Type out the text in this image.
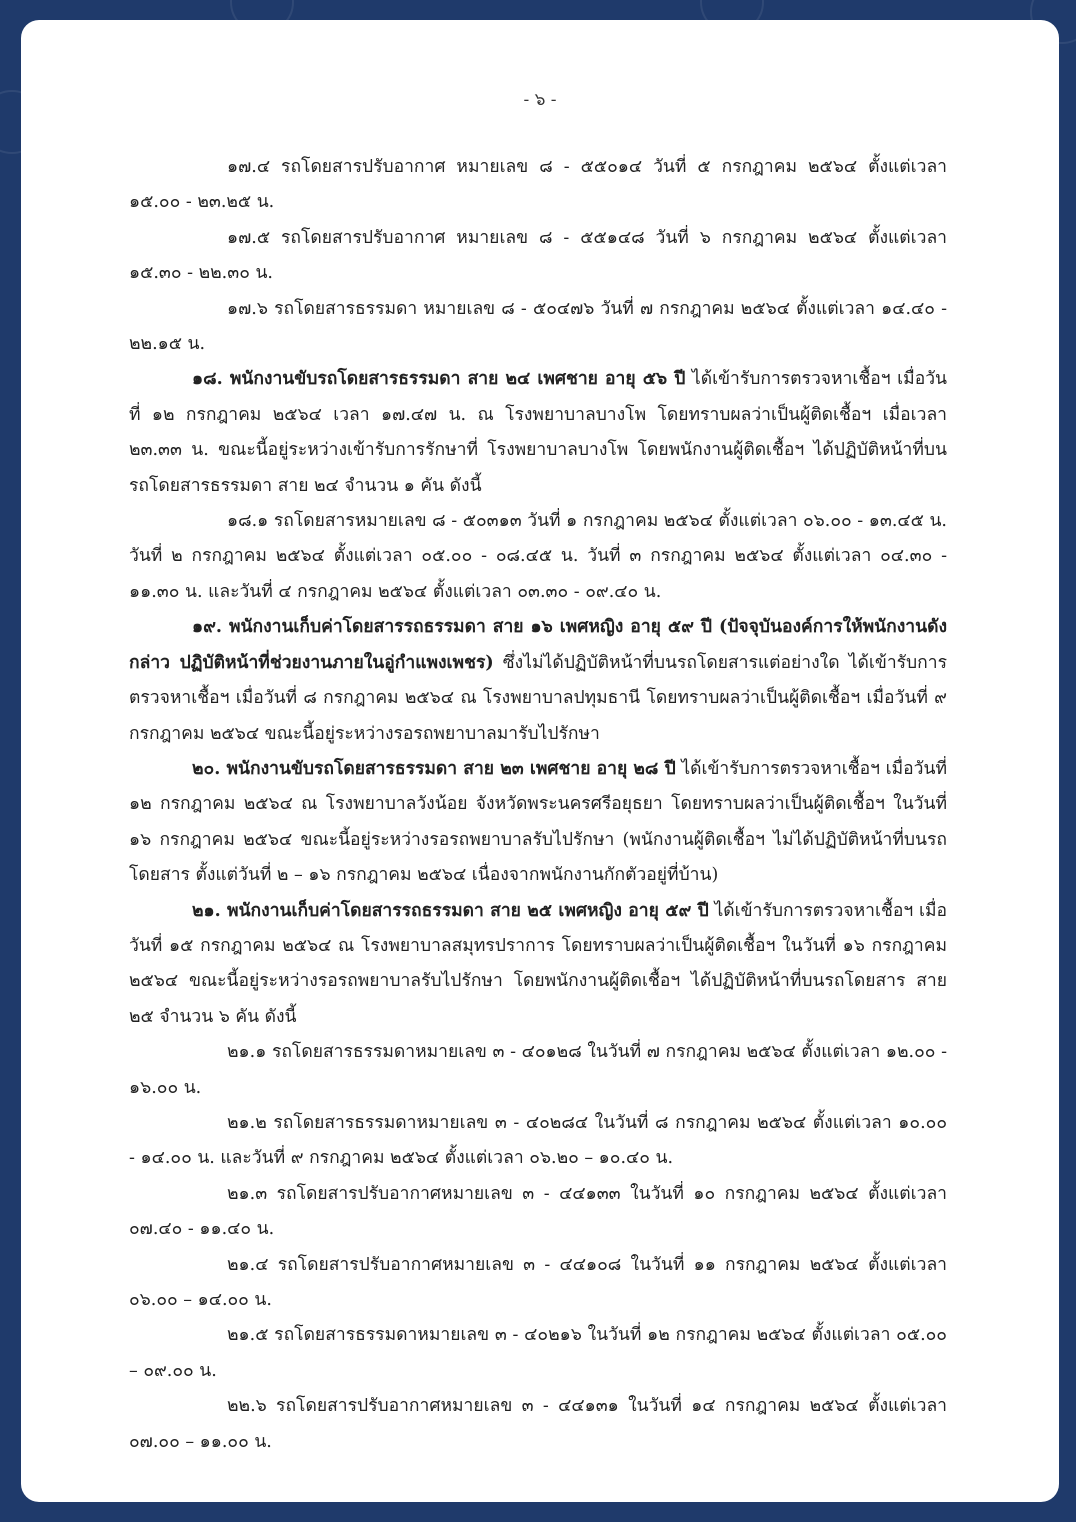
- ๖ -

๑๗.๔ รถโดยสารปรับอากาศ หมายเลข ๘ - ๕๕๐๑๔ วันที่ ๕ กรกฎาคม ๒๕๖๔ ตั้งแต่เวลา ๑๕.๐๐ - ๒๓.๒๕ น.

๑๗.๕ รถโดยสารปรับอากาศ หมายเลข ๘ - ๕๕๑๔๘ วันที่ ๖ กรกฎาคม ๒๕๖๔ ตั้งแต่เวลา ๑๕.๓๐ - ๒๒.๓๐ น.

๑๗.๖ รถโดยสารธรรมดา หมายเลข ๘ - ๕๐๔๗๖ วันที่ ๗ กรกฎาคม ๒๕๖๔ ตั้งแต่เวลา ๑๔.๔๐ - ๒๒.๑๕ น.

๑๘. พนักงานขับรถโดยสารธรรมดา สาย ๒๔ เพศชาย อายุ ๕๖ ปี ได้เข้ารับการตรวจหาเชื้อฯ เมื่อวันที่ ๑๒ กรกฎาคม ๒๕๖๔ เวลา ๑๗.๔๗ น. ณ โรงพยาบาลบางโพ โดยทราบผลว่าเป็นผู้ติดเชื้อฯ เมื่อเวลา ๒๓.๓๓ น. ขณะนี้อยู่ระหว่างเข้ารับการรักษาที่ โรงพยาบาลบางโพ โดยพนักงานผู้ติดเชื้อฯ ได้ปฏิบัติหน้าที่บนรถโดยสารธรรมดา สาย ๒๔ จำนวน ๑ คัน ดังนี้

๑๘.๑ รถโดยสารหมายเลข ๘ - ๕๐๓๑๓ วันที่ ๑ กรกฎาคม ๒๕๖๔ ตั้งแต่เวลา ๐๖.๐๐ - ๑๓.๔๕ น. วันที่ ๒ กรกฎาคม ๒๕๖๔ ตั้งแต่เวลา ๐๕.๐๐ - ๐๘.๔๕ น. วันที่ ๓ กรกฎาคม ๒๕๖๔ ตั้งแต่เวลา ๐๔.๓๐ - ๑๑.๓๐ น. และวันที่ ๔ กรกฎาคม ๒๕๖๔ ตั้งแต่เวลา ๐๓.๓๐ - ๐๙.๔๐ น.

๑๙. พนักงานเก็บค่าโดยสารรถธรรมดา สาย ๑๖ เพศหญิง อายุ ๕๙ ปี (ปัจจุบันองค์การให้พนักงานดังกล่าว ปฏิบัติหน้าที่ช่วยงานภายในอู่กำแพงเพชร) ซึ่งไม่ได้ปฏิบัติหน้าที่บนรถโดยสารแต่อย่างใด ได้เข้ารับการตรวจหาเชื้อฯ เมื่อวันที่ ๘ กรกฎาคม ๒๕๖๔ ณ โรงพยาบาลปทุมธานี โดยทราบผลว่าเป็นผู้ติดเชื้อฯ เมื่อวันที่ ๙ กรกฎาคม ๒๕๖๔ ขณะนี้อยู่ระหว่างรอรถพยาบาลมารับไปรักษา

๒๐. พนักงานขับรถโดยสารธรรมดา สาย ๒๓ เพศชาย อายุ ๒๘ ปี ได้เข้ารับการตรวจหาเชื้อฯ เมื่อวันที่ ๑๒ กรกฎาคม ๒๕๖๔ ณ โรงพยาบาลวังน้อย จังหวัดพระนครศรีอยุธยา โดยทราบผลว่าเป็นผู้ติดเชื้อฯ ในวันที่ ๑๖ กรกฎาคม ๒๕๖๔ ขณะนี้อยู่ระหว่างรอรถพยาบาลรับไปรักษา (พนักงานผู้ติดเชื้อฯ ไม่ได้ปฏิบัติหน้าที่บนรถโดยสาร ตั้งแต่วันที่ ๒ – ๑๖ กรกฎาคม ๒๕๖๔ เนื่องจากพนักงานกักตัวอยู่ที่บ้าน)

๒๑. พนักงานเก็บค่าโดยสารรถธรรมดา สาย ๒๕ เพศหญิง อายุ ๕๙ ปี ได้เข้ารับการตรวจหาเชื้อฯ เมื่อวันที่ ๑๕ กรกฎาคม ๒๕๖๔ ณ โรงพยาบาลสมุทรปราการ โดยทราบผลว่าเป็นผู้ติดเชื้อฯ ในวันที่ ๑๖ กรกฎาคม ๒๕๖๔ ขณะนี้อยู่ระหว่างรอรถพยาบาลรับไปรักษา โดยพนักงานผู้ติดเชื้อฯ ได้ปฏิบัติหน้าที่บนรถโดยสาร สาย ๒๕ จำนวน ๖ คัน ดังนี้

๒๑.๑ รถโดยสารธรรมดาหมายเลข ๓ - ๔๐๑๒๘ ในวันที่ ๗ กรกฎาคม ๒๕๖๔ ตั้งแต่เวลา ๑๒.๐๐ - ๑๖.๐๐ น.

๒๑.๒ รถโดยสารธรรมดาหมายเลข ๓ - ๔๐๒๘๔ ในวันที่ ๘ กรกฎาคม ๒๕๖๔ ตั้งแต่เวลา ๑๐.๐๐ - ๑๔.๐๐ น. และวันที่ ๙ กรกฎาคม ๒๕๖๔ ตั้งแต่เวลา ๐๖.๒๐ – ๑๐.๔๐ น.

๒๑.๓ รถโดยสารปรับอากาศหมายเลข ๓ - ๔๔๑๓๓ ในวันที่ ๑๐ กรกฎาคม ๒๕๖๔ ตั้งแต่เวลา ๐๗.๔๐ - ๑๑.๔๐ น.

๒๑.๔ รถโดยสารปรับอากาศหมายเลข ๓ - ๔๔๑๐๘ ในวันที่ ๑๑ กรกฎาคม ๒๕๖๔ ตั้งแต่เวลา ๐๖.๐๐ – ๑๔.๐๐ น.

๒๑.๕ รถโดยสารธรรมดาหมายเลข ๓ - ๔๐๒๑๖ ในวันที่ ๑๒ กรกฎาคม ๒๕๖๔ ตั้งแต่เวลา ๐๕.๐๐ – ๐๙.๐๐ น.

๒๒.๖ รถโดยสารปรับอากาศหมายเลข ๓ - ๔๔๑๓๑ ในวันที่ ๑๔ กรกฎาคม ๒๕๖๔ ตั้งแต่เวลา ๐๗.๐๐ – ๑๑.๐๐ น.
